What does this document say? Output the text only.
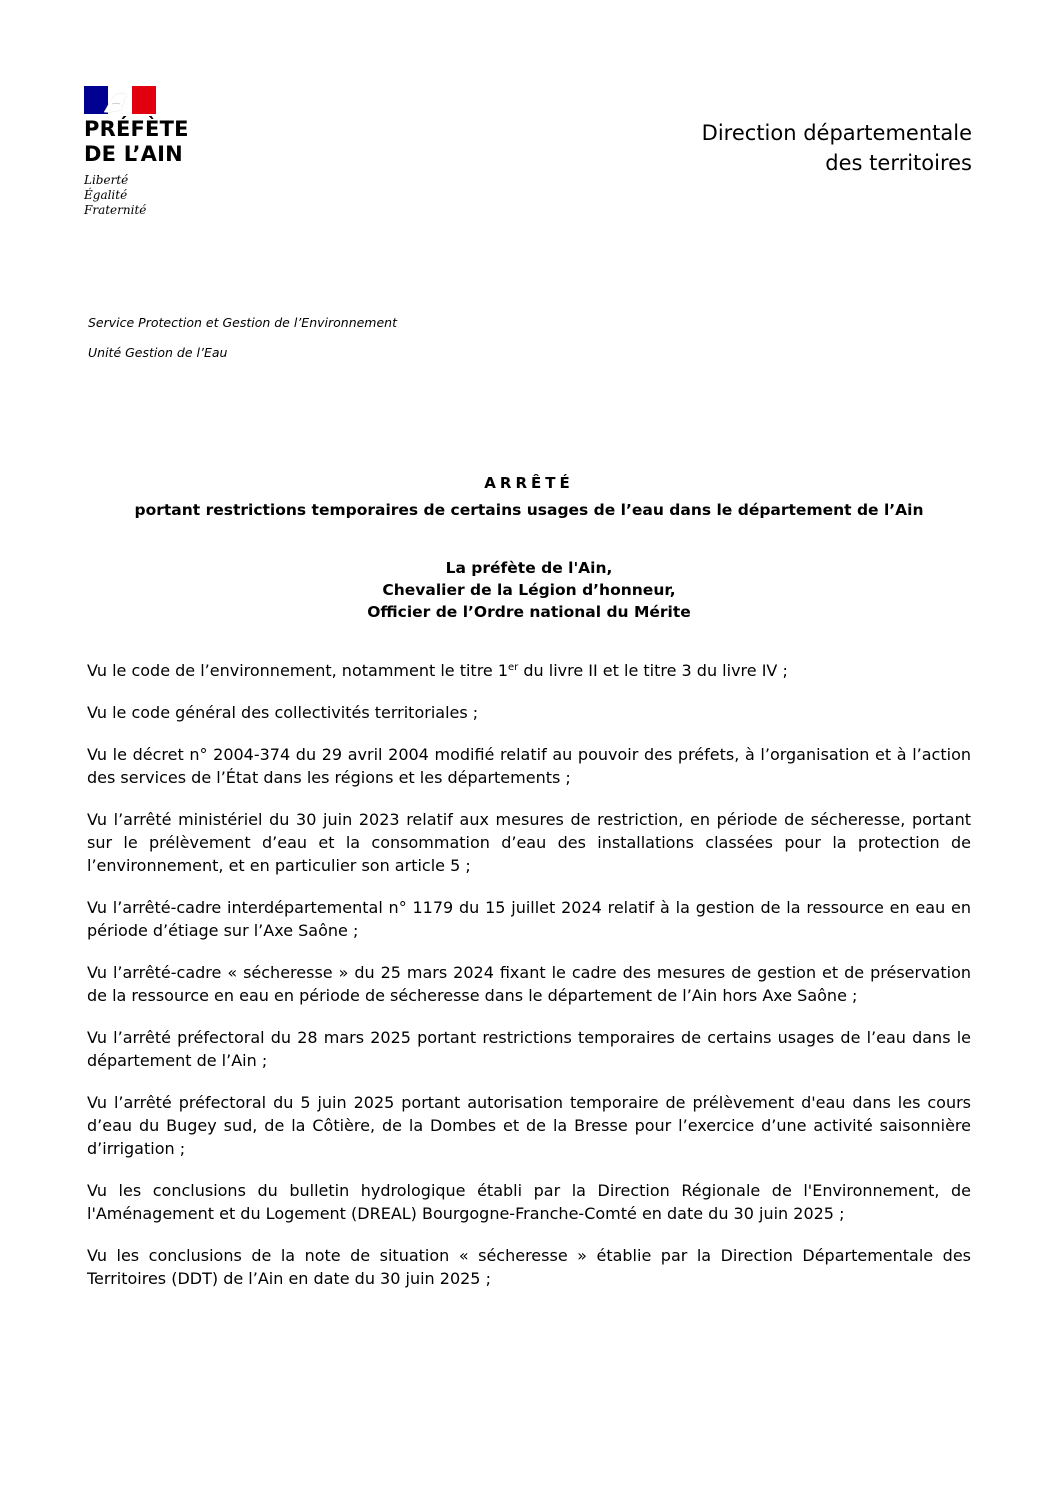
PRÉFÈTE
DE L’AIN
Liberté
Égalité
Fraternité
Direction départementale
des territoires
Service Protection et Gestion de l’Environnement
Unité Gestion de l’Eau
ARRÊTÉ
portant restrictions temporaires de certains usages de l’eau dans le département de l’Ain
La préfète de l'Ain,
Chevalier de la Légion d’honneur,
Officier de l’Ordre national du Mérite

Vu le code de l’environnement, notamment le titre 1er du livre II et le titre 3 du livre IV ;

Vu le code général des collectivités territoriales ;

Vu le décret n° 2004-374 du 29 avril 2004 modifié relatif au pouvoir des préfets, à l’organisation et à l’action des services de l’État dans les régions et les départements ;

Vu l’arrêté ministériel du 30 juin 2023 relatif aux mesures de restriction, en période de sécheresse, portant sur le prélèvement d’eau et la consommation d’eau des installations classées pour la protection de l’environnement, et en particulier son article 5 ;

Vu l’arrêté-cadre interdépartemental n° 1179 du 15 juillet 2024 relatif à la gestion de la ressource en eau en période d’étiage sur l’Axe Saône ;

Vu l’arrêté-cadre « sécheresse » du 25 mars 2024 fixant le cadre des mesures de gestion et de préservation de la ressource en eau en période de sécheresse dans le département de l’Ain hors Axe Saône ;

Vu l’arrêté préfectoral du 28 mars 2025 portant restrictions temporaires de certains usages de l’eau dans le département de l’Ain ;

Vu l’arrêté préfectoral du 5 juin 2025 portant autorisation temporaire de prélèvement d'eau dans les cours d’eau du Bugey sud, de la Côtière, de la Dombes et de la Bresse pour l’exercice d’une activité saisonnière d’irrigation ;

Vu les conclusions du bulletin hydrologique établi par la Direction Régionale de l'Environnement, de l'Aménagement et du Logement (DREAL) Bourgogne-Franche-Comté en date du 30 juin 2025 ;

Vu les conclusions de la note de situation « sécheresse » établie par la Direction Départementale des Territoires (DDT) de l’Ain en date du 30 juin 2025 ;
